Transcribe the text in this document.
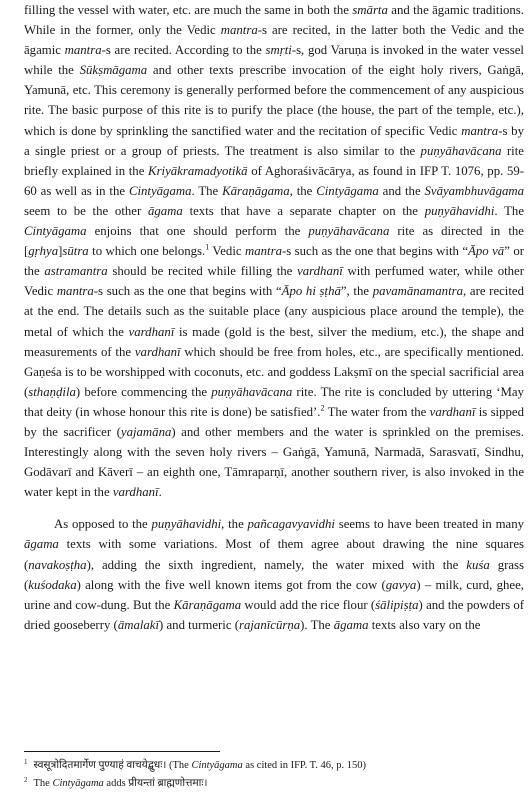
filling the vessel with water, etc. are much the same in both the smārta and the āgamic traditions. While in the former, only the Vedic mantra-s are recited, in the latter both the Vedic and the āgamic mantra-s are recited. According to the smṛti-s, god Varuṇa is invoked in the water vessel while the Sūkṣmāgama and other texts prescribe invocation of the eight holy rivers, Gaṅgā, Yamunā, etc. This ceremony is generally performed before the commencement of any auspicious rite. The basic purpose of this rite is to purify the place (the house, the part of the temple, etc.), which is done by sprinkling the sanctified water and the recitation of specific Vedic mantra-s by a single priest or a group of priests. The treatment is also similar to the puṇyāhavācana rite briefly explained in the Kriyākramadyotikā of Aghoraśivācārya, as found in IFP T. 1076, pp. 59-60 as well as in the Cintyāgama. The Kāraṇāgama, the Cintyāgama and the Svāyambhuvāgama seem to be the other āgama texts that have a separate chapter on the puṇyāhavidhi. The Cintyāgama enjoins that one should perform the puṇyāhavācana rite as directed in the [gṛhya]sūtra to which one belongs.$^1$ Vedic mantra-s such as the one that begins with “Āpo vā” or the astramantra should be recited while filling the vardhanī with perfumed water, while other Vedic mantra-s such as the one that begins with “Āpo hi ṣṭhā”, the pavamānamantra, are recited at the end. The details such as the suitable place (any auspicious place around the temple), the metal of which the vardhanī is made (gold is the best, silver the medium, etc.), the shape and measurements of the vardhanī which should be free from holes, etc., are specifically mentioned. Gaṇeśa is to be worshipped with coconuts, etc. and goddess Lakṣmī on the special sacrificial area (sthaṇḍila) before commencing the puṇyāhavācana rite. The rite is concluded by uttering ‘May that deity (in whose honour this rite is done) be satisfied’.$^2$ The water from the vardhanī is sipped by the sacrificer (yajamāna) and other members and the water is sprinkled on the premises. Interestingly along with the seven holy rivers – Gaṅgā, Yamunā, Narmadā, Sarasvatī, Sindhu, Godāvarī and Kāverī – an eighth one, Tāmraparṇī, another southern river, is also invoked in the water kept in the vardhanī.

As opposed to the puṇyāhavidhi, the pañcagavyavidhi seems to have been treated in many āgama texts with some variations. Most of them agree about drawing the nine squares (navakoṣṭha), adding the sixth ingredient, namely, the water mixed with the kuśa grass (kuśodaka) along with the five well known items got from the cow (gavya) – milk, curd, ghee, urine and cow-dung. But the Kāraṇāgama would add the rice flour (śālipiṣṭa) and the powders of dried gooseberry (āmalakī) and turmeric (rajanīcūrṇa). The āgama texts also vary on the

$^1$ स्वसूत्रोदितमार्गेण पुण्याहं वाचयेद्बुधः। (The Cintyāgama as cited in IFP. T. 46, p. 150)

$^2$ The Cintyāgama adds प्रीयन्तां ब्राह्मणोत्तमाः।
